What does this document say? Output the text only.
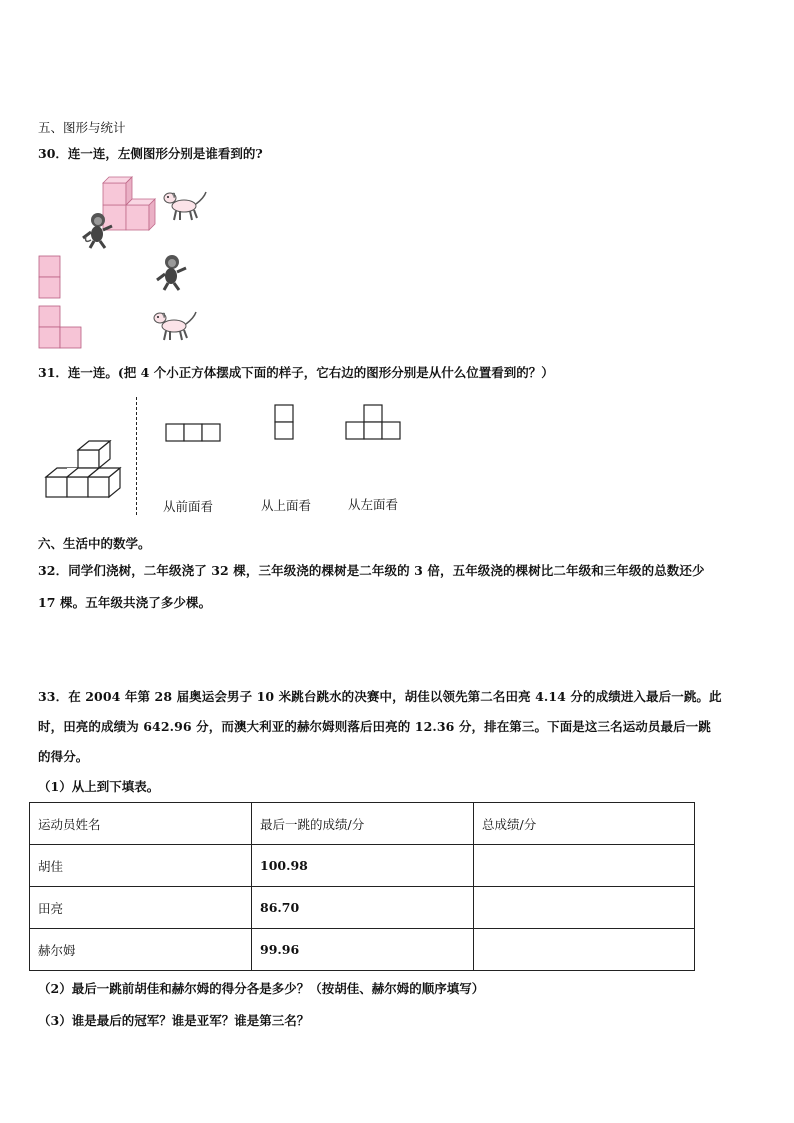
五、图形与统计
30．连一连，左侧图形分别是谁看到的?
31．连一连。(把 4 个小正方体摆成下面的样子，它右边的图形分别是从什么位置看到的？）
从前面看	从上面看	从左面看
六、生活中的数学。
32．同学们浇树，二年级浇了 32 棵，三年级浇的棵树是二年级的 3 倍，五年级浇的棵树比二年级和三年级的总数还少
17 棵。五年级共浇了多少棵。
33．在 2004 年第 28 届奥运会男子 10 米跳台跳水的决赛中，胡佳以领先第二名田亮 4.14 分的成绩进入最后一跳。此
时，田亮的成绩为 642.96 分，而澳大利亚的赫尔姆则落后田亮的 12.36 分，排在第三。下面是这三名运动员最后一跳
的得分。
（1）从上到下填表。
运动员姓名	最后一跳的成绩/分	总成绩/分
胡佳	100.98	
田亮	86.70	
赫尔姆	99.96	
（2）最后一跳前胡佳和赫尔姆的得分各是多少？（按胡佳、赫尔姆的顺序填写）
（3）谁是最后的冠军？谁是亚军？谁是第三名？
